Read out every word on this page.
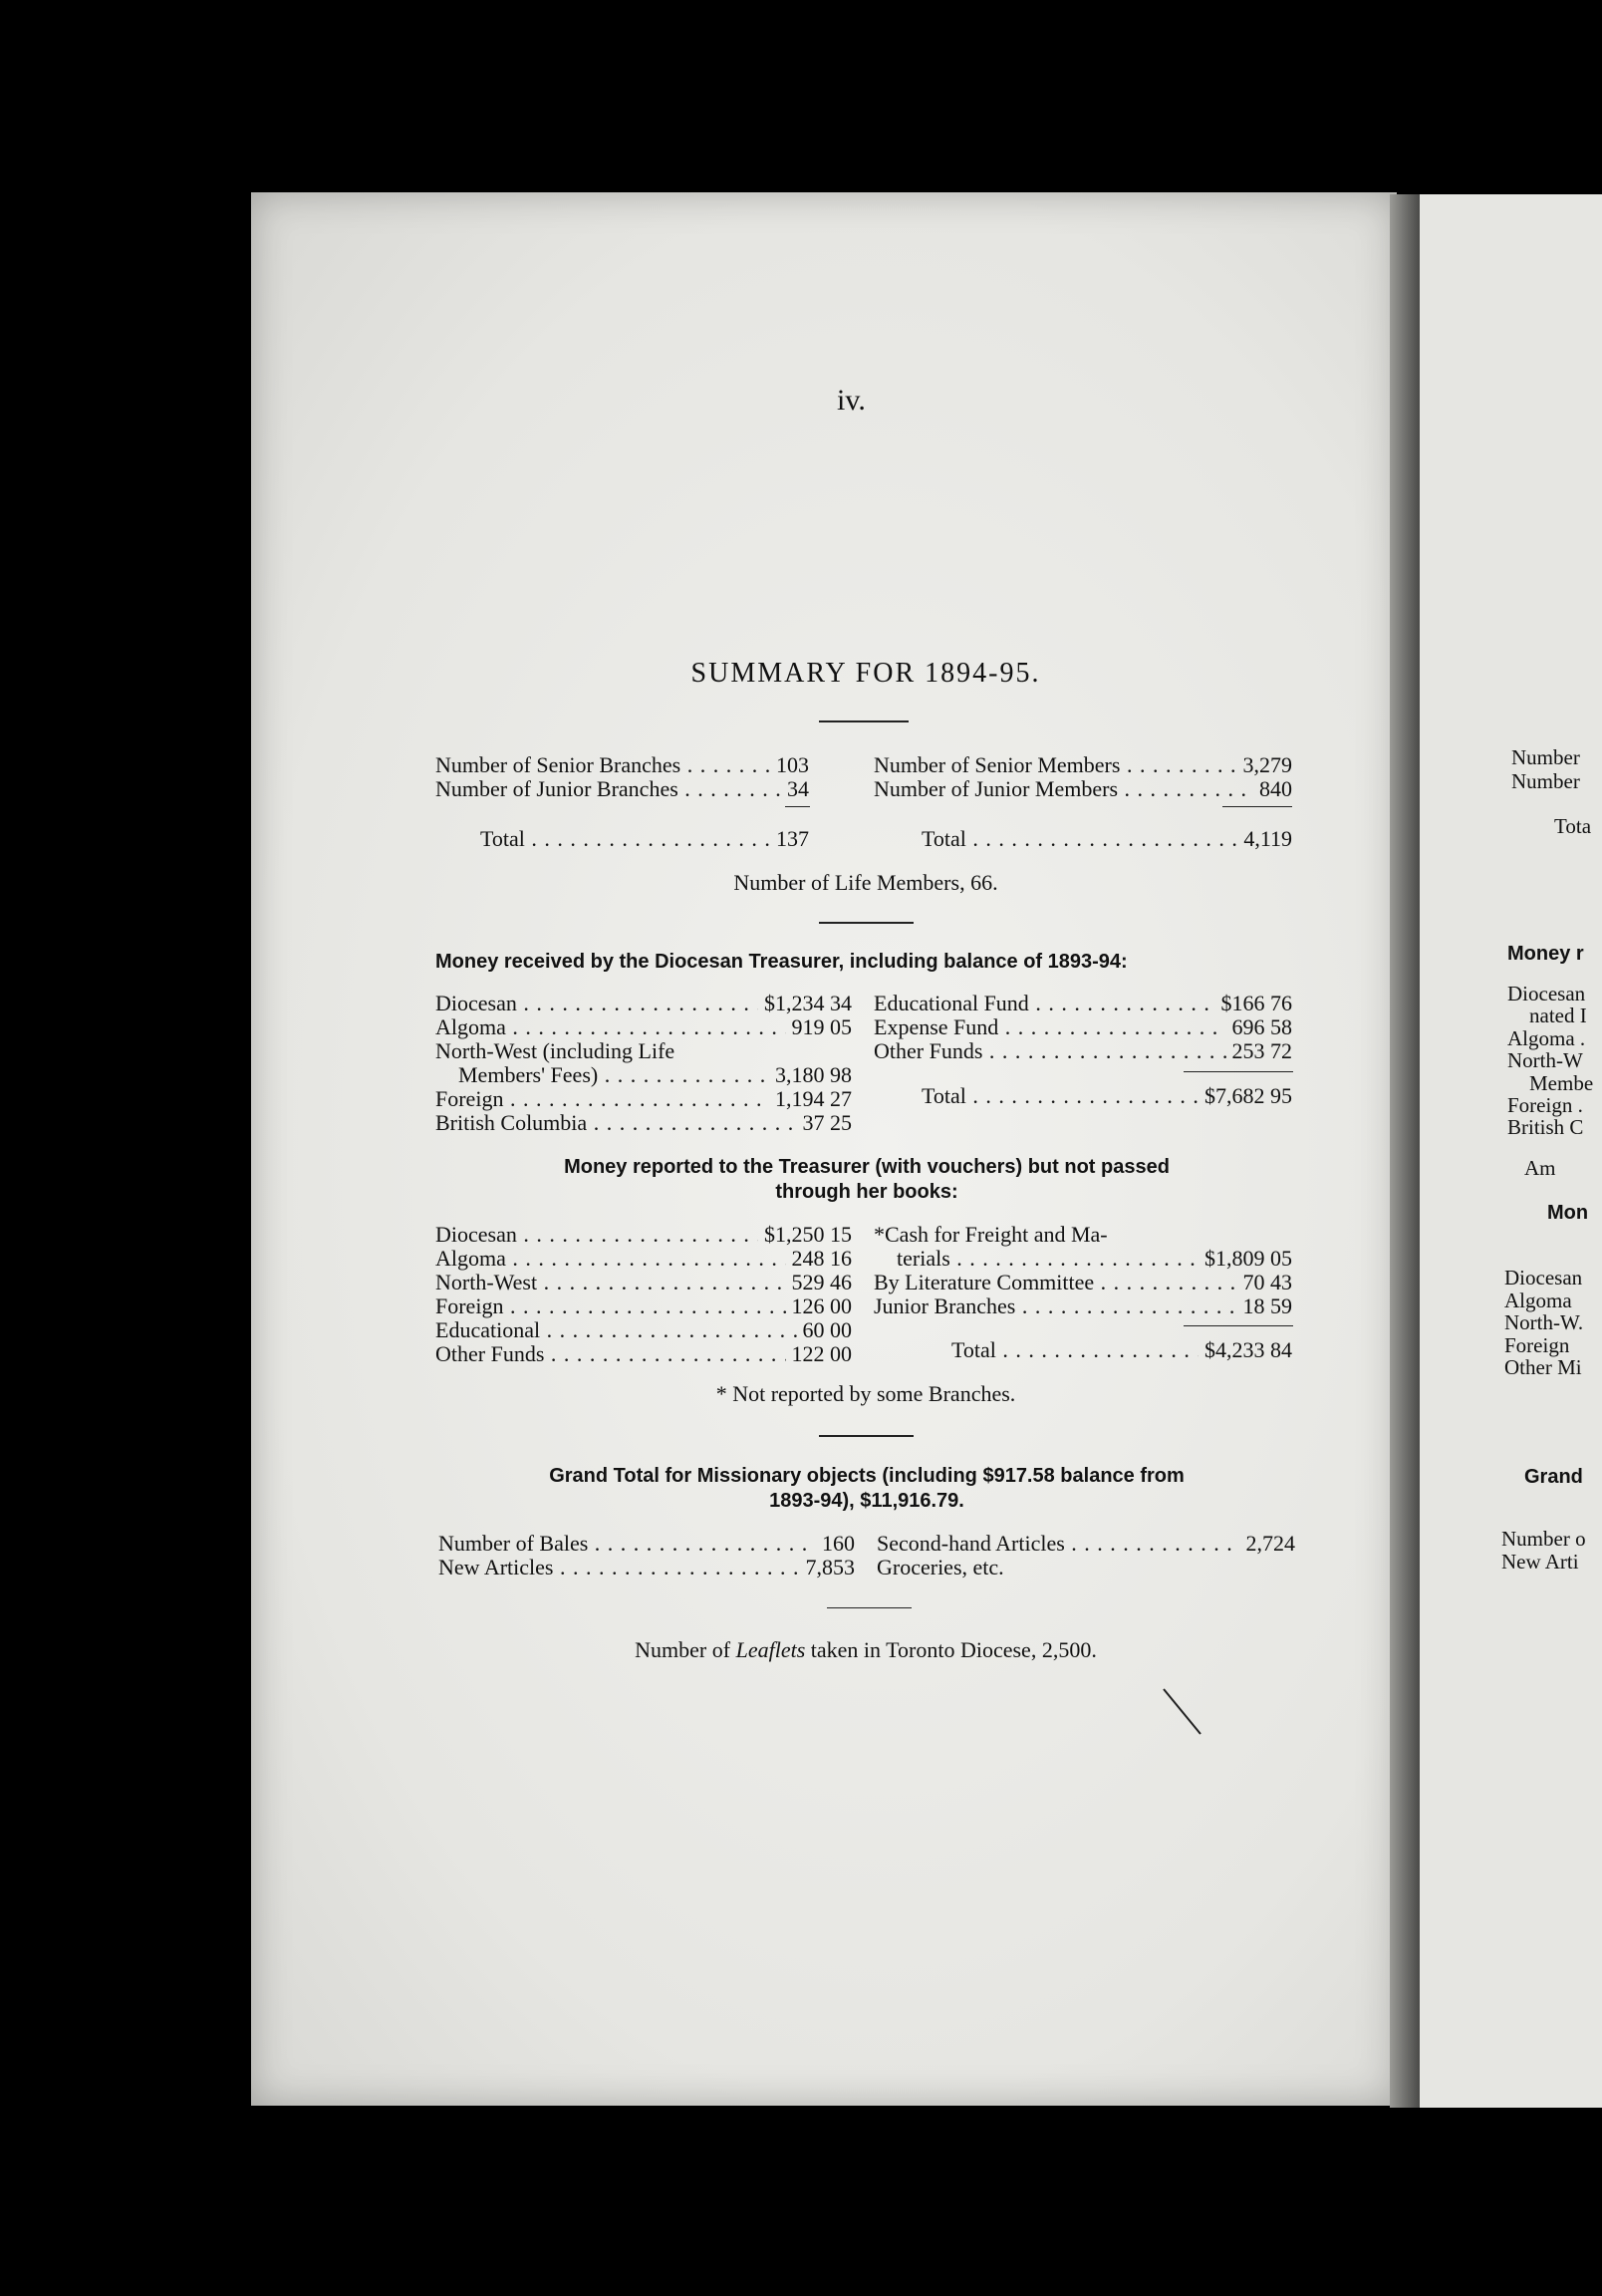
Number
Number
Tota
Money r
Diocesan
nated I
Algoma .
North-W
Membe
Foreign .
British C
Am
Mon
Diocesan
Algoma
North-W.
Foreign
Other Mi
Grand
Number o
New Arti
iv.
SUMMARY FOR 1894-95.
Number of Senior Branches . . .	103
Number of Junior Branches . . .	34
Total . . .	137
Number of Senior Members . . .	3,279
Number of Junior Members . . .	840
Total . . .	4,119
Number of Life Members, 66.
Money received by the Diocesan Treasurer, including balance of 1893-94:
Diocesan . . .	$1,234 34
Algoma . . .	919 05
North-West (including Life
Members' Fees) . . .	3,180 98
Foreign . . .	1,194 27
British Columbia . . .	37 25
Educational Fund . . .	$166 76
Expense Fund . . .	696 58
Other Funds . . .	253 72
Total . . .	$7,682 95
Money reported to the Treasurer (with vouchers) but not passed
through her books:
Diocesan . . .	$1,250 15
Algoma . . .	248 16
North-West . . .	529 46
Foreign . . .	126 00
Educational . . .	60 00
Other Funds . . .	122 00
*Cash for Freight and Ma-
terials . . .	$1,809 05
By Literature Committee . . .	70 43
Junior Branches . . .	18 59
Total . . .	$4,233 84
* Not reported by some Branches.
Grand Total for Missionary objects (including $917.58 balance from
1893-94), $11,916.79.
Number of Bales . . .	160
New Articles . . .	7,853
Second-hand Articles . . .	2,724
Groceries, etc.
Number of Leaflets taken in Toronto Diocese, 2,500.
